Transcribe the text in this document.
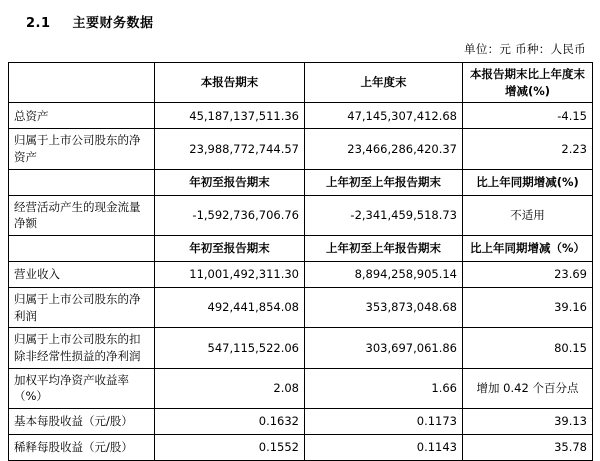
2.1 主要财务数据
单位：元 币种：人民币
	本报告期末	上年度末	本报告期末比上年度末增减(%)
总资产	45,187,137,511.36	47,145,307,412.68	-4.15
归属于上市公司股东的净资产	23,988,772,744.57	23,466,286,420.37	2.23
	年初至报告期末	上年初至上年报告期末	比上年同期增减(%)
经营活动产生的现金流量净额	-1,592,736,706.76	-2,341,459,518.73	不适用
	年初至报告期末	上年初至上年报告期末	比上年同期增减（%）
营业收入	11,001,492,311.30	8,894,258,905.14	23.69
归属于上市公司股东的净利润	492,441,854.08	353,873,048.68	39.16
归属于上市公司股东的扣除非经常性损益的净利润	547,115,522.06	303,697,061.86	80.15
加权平均净资产收益率（%）	2.08	1.66	增加 0.42 个百分点
基本每股收益（元/股）	0.1632	0.1173	39.13
稀释每股收益（元/股）	0.1552	0.1143	35.78
